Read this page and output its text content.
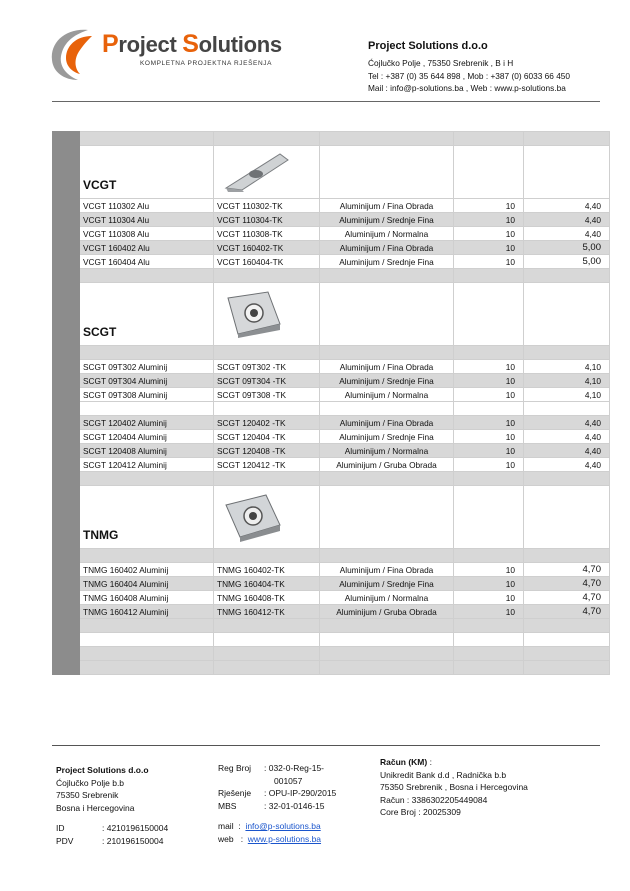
Project Solutions
KOMPLETNA PROJEKTNA RJEŠENJA
Project Solutions d.o.o
Ćojlučko Polje , 75350 Srebrenik , B i H
Tel : +387 (0) 35 644 898 , Mob : +387 (0) 6033 66 450
Mail : info@p-solutions.ba , Web : www.p-solutions.ba

	VCGT	

	VCGT 110302 Alu	VCGT 110302-TK	Aluminijum / Fina Obrada	10	4,40
	VCGT 110304 Alu	VCGT 110304-TK	Aluminijum / Srednje Fina	10	4,40
	VCGT 110308 Alu	VCGT 110308-TK	Aluminijum / Normalna	10	4,40
	VCGT 160402 Alu	VCGT 160402-TK	Aluminijum / Fina Obrada	10	5,00
	VCGT 160404 Alu	VCGT 160404-TK	Aluminijum / Srednje Fina	10	5,00

	SCGT	

	SCGT 09T302 Aluminij	SCGT 09T302 -TK	Aluminijum / Fina Obrada	10	4,10
	SCGT 09T304 Aluminij	SCGT 09T304 -TK	Aluminijum / Srednje Fina	10	4,10
	SCGT 09T308 Aluminij	SCGT 09T308 -TK	Aluminijum / Normalna	10	4,10

	SCGT 120402 Aluminij	SCGT 120402 -TK	Aluminijum / Fina Obrada	10	4,40
	SCGT 120404 Aluminij	SCGT 120404 -TK	Aluminijum / Srednje Fina	10	4,40
	SCGT 120408 Aluminij	SCGT 120408 -TK	Aluminijum / Normalna	10	4,40
	SCGT 120412 Aluminij	SCGT 120412 -TK	Aluminijum / Gruba Obrada	10	4,40

	TNMG	

	TNMG 160402 Aluminij	TNMG 160402-TK	Aluminijum / Fina Obrada	10	4,70
	TNMG 160404 Aluminij	TNMG 160404-TK	Aluminijum / Srednje Fina	10	4,70
	TNMG 160408 Aluminij	TNMG 160408-TK	Aluminijum / Normalna	10	4,70
	TNMG 160412 Aluminij	TNMG 160412-TK	Aluminijum / Gruba Obrada	10	4,70

Project Solutions d.o.o
Ćojlučko Polje b.b
75350 Srebrenik
Bosna i Hercegovina
ID	: 4210196150004
PDV	: 210196150004
Reg Broj	: 032-0-Reg-15-
001057
Rješenje	: OPU-IP-290/2015
MBS	: 32-01-0146-15
mail : info@p-solutions.ba
web : www.p-solutions.ba
Račun (KM) :
Unikredit Bank d.d , Radnička b.b
75350 Srebrenik , Bosna i Hercegovina
Račun : 3386302205449084
Core Broj : 20025309
